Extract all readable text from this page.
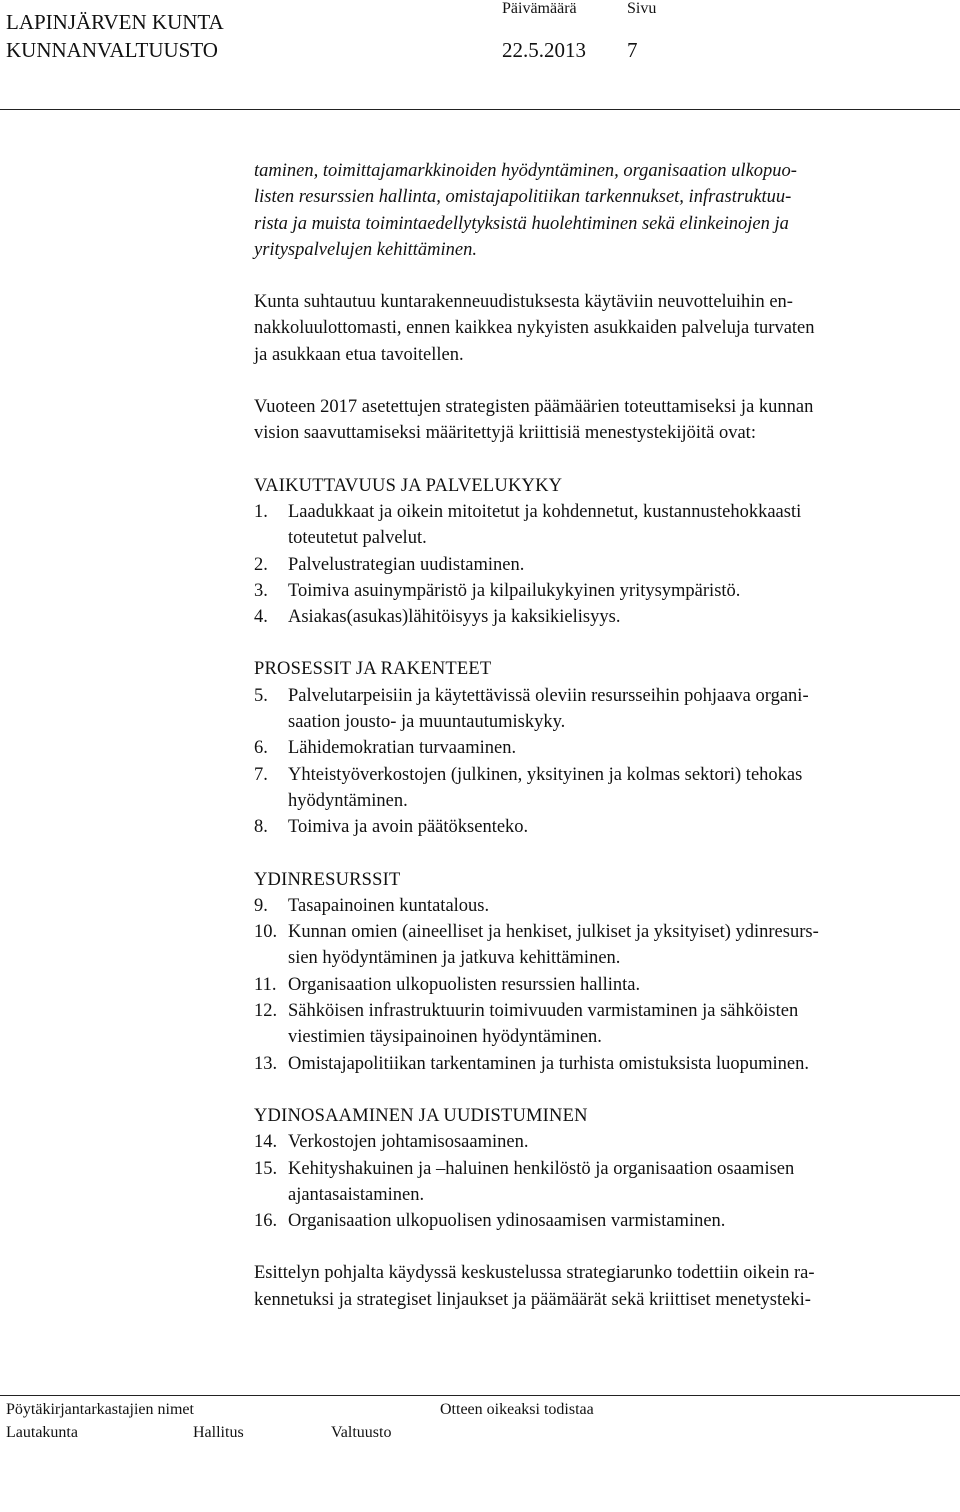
LAPINJÄRVEN KUNTA
KUNNANVALTUUSTO
Päivämäärä	Sivu
22.5.2013 7

taminen, toimittajamarkkinoiden hyödyntäminen, organisaation ulkopuo-
listen resurssien hallinta, omistajapolitiikan tarkennukset, infrastruktuu-
rista ja muista toimintaedellytyksistä huolehtiminen sekä elinkeinojen ja
yrityspalvelujen kehittäminen.

Kunta suhtautuu kuntarakenneuudistuksesta käytäviin neuvotteluihin en-
nakkoluulottomasti, ennen kaikkea nykyisten asukkaiden palveluja turvaten
ja asukkaan etua tavoitellen.

Vuoteen 2017 asetettujen strategisten päämäärien toteuttamiseksi ja kunnan
vision saavuttamiseksi määritettyjä kriittisiä menestystekijöitä ovat:

VAIKUTTAVUUS JA PALVELUKYKY

1.	Laadukkaat ja oikein mitoitetut ja kohdennetut, kustannustehokkaasti
toteutetut palvelut.
2.	Palvelustrategian uudistaminen.
3.	Toimiva asuinympäristö ja kilpailukykyinen yritysympäristö.
4.	Asiakas(asukas)lähitöisyys ja kaksikielisyys.

PROSESSIT JA RAKENTEET

5.	Palvelutarpeisiin ja käytettävissä oleviin resursseihin pohjaava organi-
saation jousto- ja muuntautumiskyky.
6.	Lähidemokratian turvaaminen.
7.	Yhteistyöverkostojen (julkinen, yksityinen ja kolmas sektori) tehokas
hyödyntäminen.
8.	Toimiva ja avoin päätöksenteko.

YDINRESURSSIT

9.	Tasapainoinen kuntatalous.
10. Kunnan omien (aineelliset ja henkiset, julkiset ja yksityiset) ydinresurs-
sien hyödyntäminen ja jatkuva kehittäminen.
11. Organisaation ulkopuolisten resurssien hallinta.
12. Sähköisen infrastruktuurin toimivuuden varmistaminen ja sähköisten
viestimien täysipainoinen hyödyntäminen.
13. Omistajapolitiikan tarkentaminen ja turhista omistuksista luopuminen.

YDINOSAAMINEN JA UUDISTUMINEN

14. Verkostojen johtamisosaaminen.
15. Kehityshakuinen ja –haluinen henkilöstö ja organisaation osaamisen
ajantasaistaminen.
16. Organisaation ulkopuolisen ydinosaamisen varmistaminen.

Esittelyn pohjalta käydyssä keskustelussa strategiarunko todettiin oikein ra-
kennetuksi ja strategiset linjaukset ja päämäärät sekä kriittiset menetysteki-

Pöytäkirjantarkastajien nimet	Otteen oikeaksi todistaa
Lautakunta	Hallitus	Valtuusto
